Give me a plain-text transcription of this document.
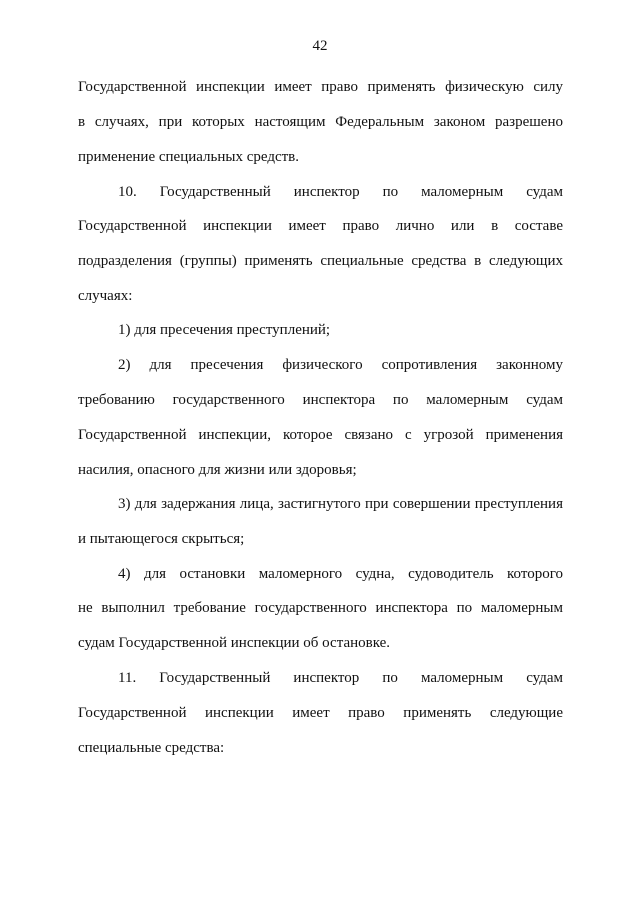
42
Государственной инспекции имеет право применять физическую силу
в случаях, при которых настоящим Федеральным законом разрешено
применение специальных средств.
10. Государственный инспектор по маломерным судам
Государственной инспекции имеет право лично или в составе
подразделения (группы) применять специальные средства в следующих
случаях:
1) для пресечения преступлений;
2) для пресечения физического сопротивления законному
требованию государственного инспектора по маломерным судам
Государственной инспекции, которое связано с угрозой применения
насилия, опасного для жизни или здоровья;
3) для задержания лица, застигнутого при совершении преступления
и пытающегося скрыться;
4) для остановки маломерного судна, судоводитель которого
не выполнил требование государственного инспектора по маломерным
судам Государственной инспекции об остановке.
11. Государственный инспектор по маломерным судам
Государственной инспекции имеет право применять следующие
специальные средства:
